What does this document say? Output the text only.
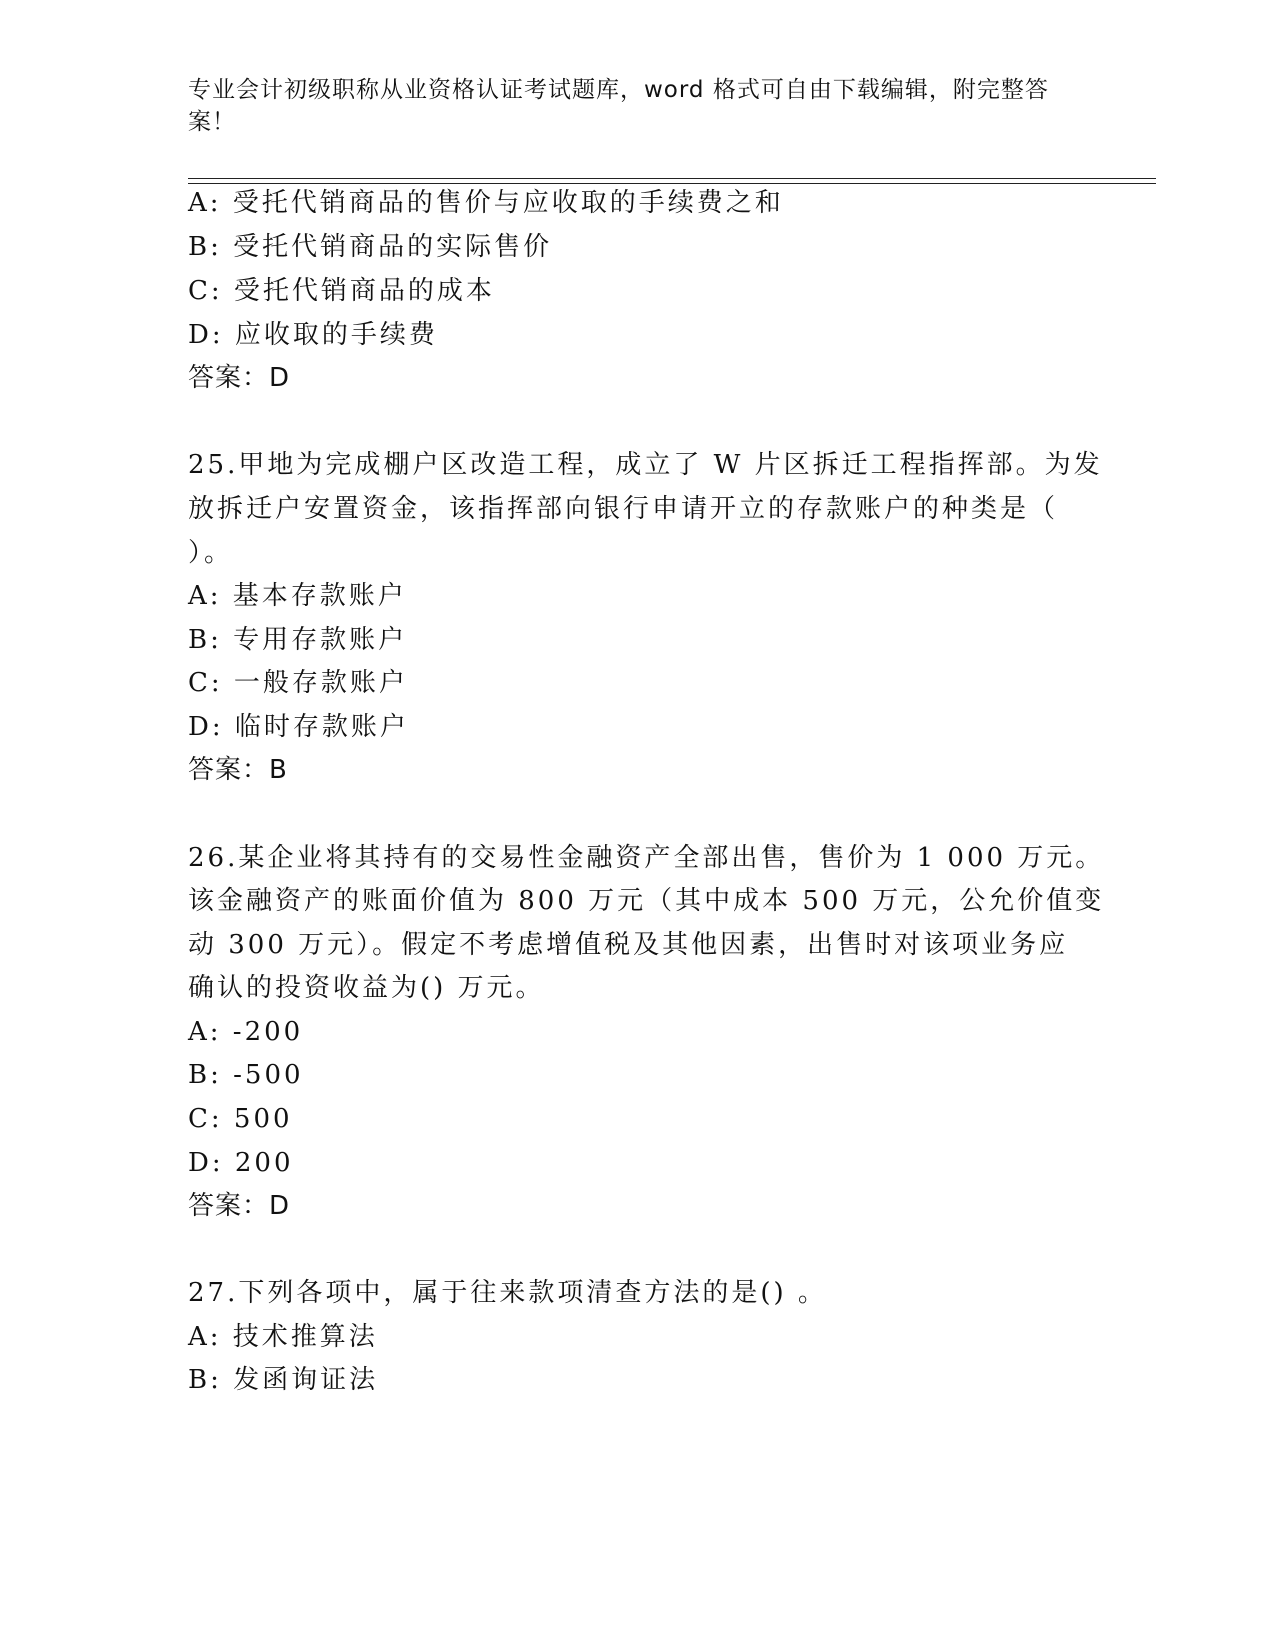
专业会计初级职称从业资格认证考试题库，word 格式可自由下载编辑，附完整答
案！
A: 受托代销商品的售价与应收取的手续费之和
B: 受托代销商品的实际售价
C: 受托代销商品的成本
D: 应收取的手续费
答案：D
25.甲地为完成棚户区改造工程，成立了 W 片区拆迁工程指挥部。为发
放拆迁户安置资金，该指挥部向银行申请开立的存款账户的种类是（
）。
A: 基本存款账户
B: 专用存款账户
C: 一般存款账户
D: 临时存款账户
答案：B
26.某企业将其持有的交易性金融资产全部出售，售价为 1 000 万元。
该金融资产的账面价值为 800 万元（其中成本 500 万元，公允价值变
动 300 万元）。假定不考虑增值税及其他因素，出售时对该项业务应
确认的投资收益为() 万元。
A: -200
B: -500
C: 500
D: 200
答案：D
27.下列各项中，属于往来款项清查方法的是() 。
A: 技术推算法
B: 发函询证法
